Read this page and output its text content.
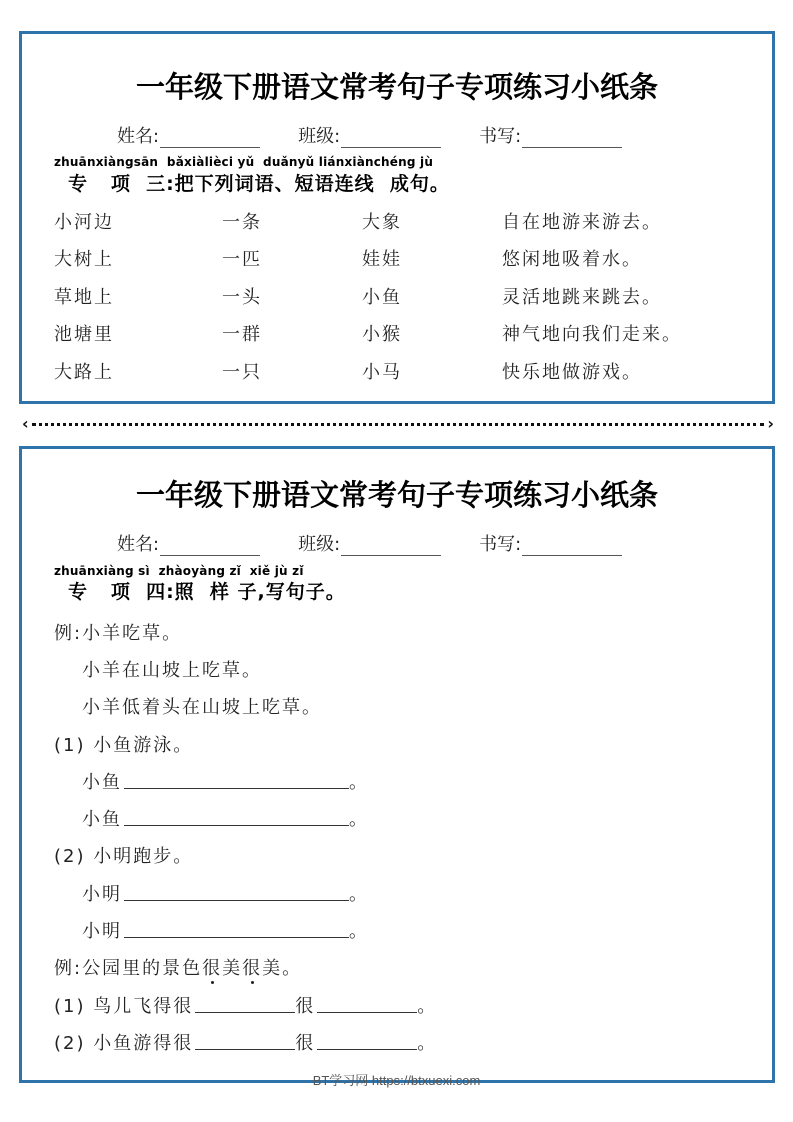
一年级下册语文常考句子专项练习小纸条
姓名:	班级:	书写:
zhuānxiàngsān  bǎxiàlièci yǔ  duǎnyǔ liánxiànchéng jù
专   项  三:把下列词语、短语连线  成句。
小河边	一条	大象	自在地游来游去。
大树上	一匹	娃娃	悠闲地吸着水。
草地上	一头	小鱼	灵活地跳来跳去。
池塘里	一群	小猴	神气地向我们走来。
大路上	一只	小马	快乐地做游戏。
‹	›
一年级下册语文常考句子专项练习小纸条
姓名:	班级:	书写:
zhuānxiàng sì  zhàoyàng zǐ  xiě jù zǐ
专   项  四:照  样 子,写句子。
例: 小羊吃草。
小羊在山坡上吃草。
小羊低着头在山坡上吃草。
(1) 小鱼游泳。
小鱼	。
小鱼	。
(2) 小明跑步。
小明	。
小明	。
例: 公园里的景色 很 美 很 美。
(1) 鸟儿飞得很	很	。
(2) 小鱼游得很	很	。
BT学习网 https://btxuexi.com
